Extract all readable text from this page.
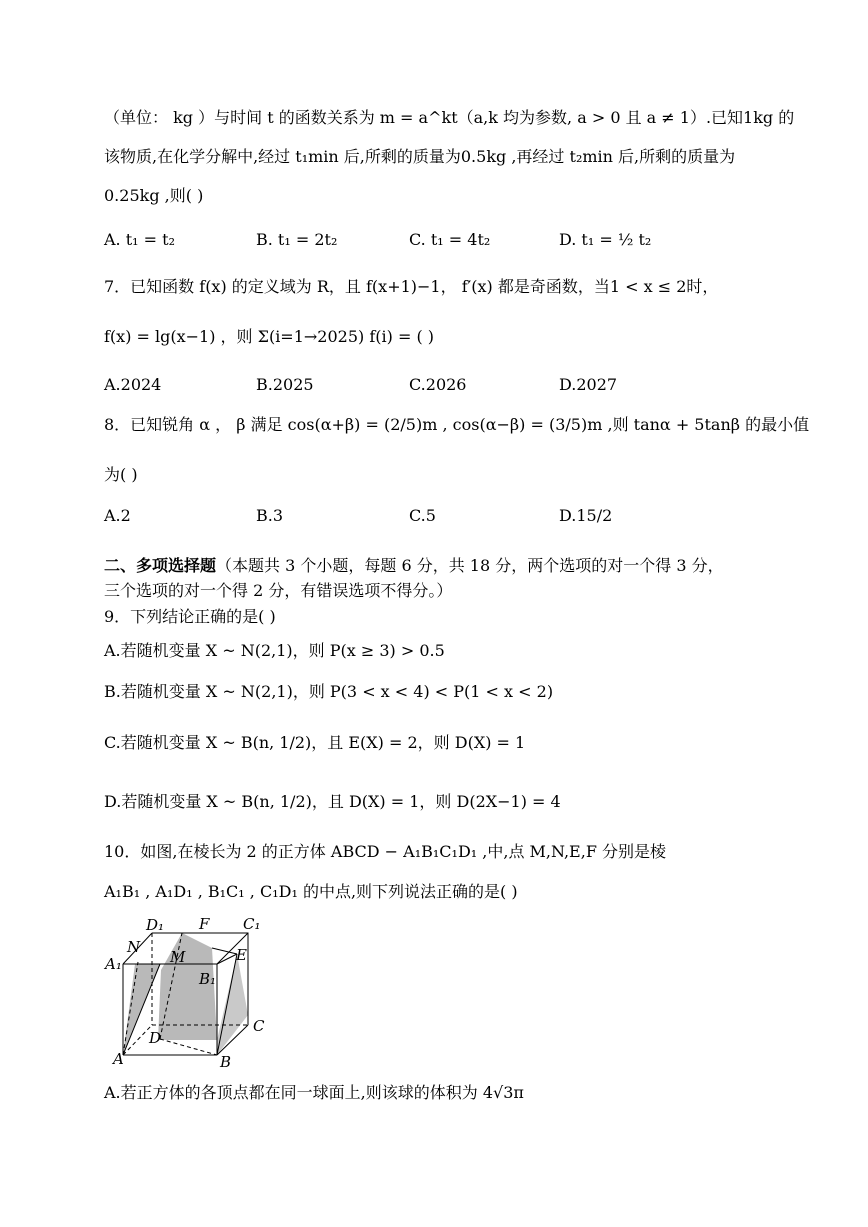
（单位： kg ）与时间 t 的函数关系为 m = a^kt（a,k 均为参数, a > 0 且 a ≠ 1）.已知1kg 的
该物质,在化学分解中,经过 t₁min 后,所剩的质量为0.5kg ,再经过 t₂min 后,所剩的质量为
0.25kg ,则( )
A. t₁ = t₂	B. t₁ = 2t₂	C. t₁ = 4t₂	D. t₁ = ½ t₂
7．已知函数 f(x) 的定义域为 R，且 f(x+1)−1， f′(x) 都是奇函数，当1 < x ≤ 2时，
f(x) = lg(x−1) ，则 Σ(i=1→2025) f(i) = ( )
A.2024	B.2025	C.2026	D.2027
8．已知锐角 α ， β 满足 cos(α+β) = (2/5)m , cos(α−β) = (3/5)m ,则 tanα + 5tanβ 的最小值
为( )
A.2	B.3	C.5	D.15/2
二、多项选择题（本题共 3 个小题，每题 6 分，共 18 分，两个选项的对一个得 3 分，
三个选项的对一个得 2 分，有错误选项不得分。）
9．下列结论正确的是( )
A.若随机变量 X ~ N(2,1)，则 P(x ≥ 3) > 0.5
B.若随机变量 X ~ N(2,1)，则 P(3 < x < 4) < P(1 < x < 2)
C.若随机变量 X ~ B(n, 1/2)，且 E(X) = 2，则 D(X) = 1
D.若随机变量 X ~ B(n, 1/2)，且 D(X) = 1，则 D(2X−1) = 4
10．如图,在棱长为 2 的正方体 ABCD − A₁B₁C₁D₁ ,中,点 M,N,E,F 分别是棱
A₁B₁ , A₁D₁ , B₁C₁ , C₁D₁ 的中点,则下列说法正确的是( )
D₁ F C₁
N
A₁	M
B₁
E
C
D
A	B
A.若正方体的各顶点都在同一球面上,则该球的体积为 4√3π
